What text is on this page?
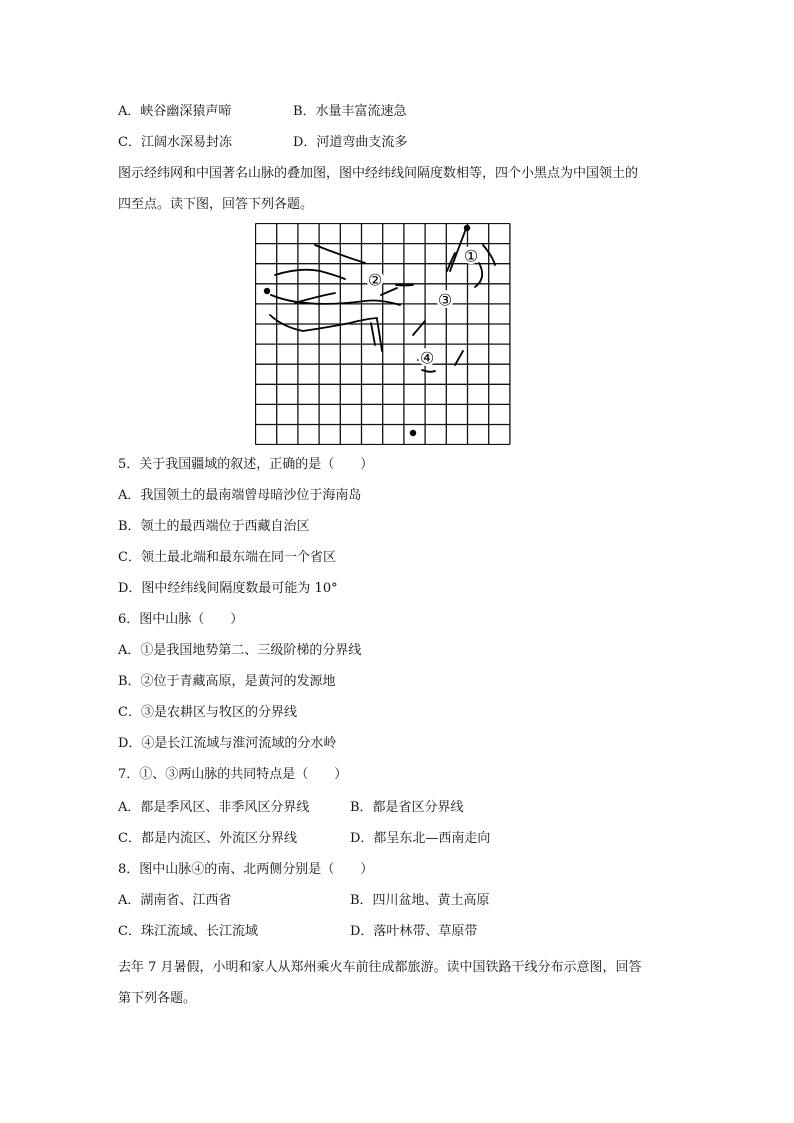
A．峡谷幽深猿声啼	B．水量丰富流速急
C．江阔水深易封冻	D．河道弯曲支流多
图示经纬网和中国著名山脉的叠加图，图中经纬线间隔度数相等，四个小黑点为中国领土的
四至点。读下图，回答下列各题。
5．关于我国疆域的叙述，正确的是（　　）
A．我国领土的最南端曾母暗沙位于海南岛
B．领土的最西端位于西藏自治区
C．领土最北端和最东端在同一个省区
D．图中经纬线间隔度数最可能为 10°
6．图中山脉（　　）
A．①是我国地势第二、三级阶梯的分界线
B．②位于青藏高原，是黄河的发源地
C．③是农耕区与牧区的分界线
D．④是长江流域与淮河流域的分水岭
7．①、③两山脉的共同特点是（　　）
A．都是季风区、非季风区分界线	B．都是省区分界线
C．都是内流区、外流区分界线	D．都呈东北—西南走向
8．图中山脉④的南、北两侧分别是（　　）
A．湖南省、江西省	B．四川盆地、黄土高原
C．珠江流域、长江流域	D．落叶林带、草原带
去年 7 月暑假，小明和家人从郑州乘火车前往成都旅游。读中国铁路干线分布示意图，回答
第下列各题。
①
②
③
④
